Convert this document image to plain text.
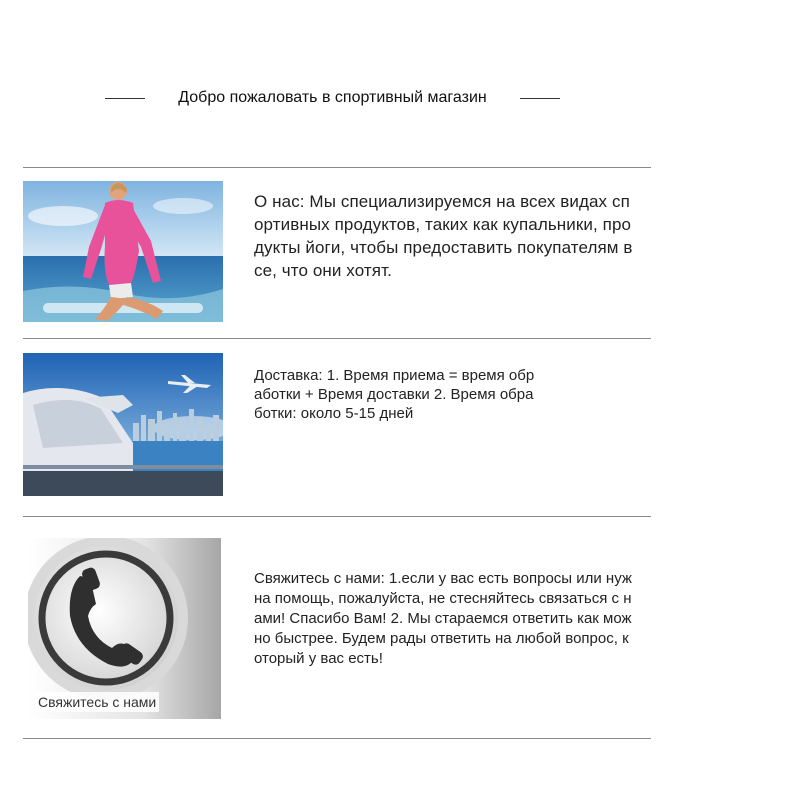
Добро пожаловать в спортивный магазин
О нас: Мы специализируемся на всех видах спортивных продуктов, таких как купальники, продукты йоги, чтобы предоставить покупателям все, что они хотят.
Доставка: 1. Время приема = время обработки + Время доставки 2. Время обработки: около 5-15 дней
Свяжитесь с нами
Свяжитесь с нами: 1.если у вас есть вопросы или нужна помощь, пожалуйста, не стесняйтесь связаться с нами! Спасибо Вам! 2. Мы стараемся ответить как можно быстрее. Будем рады ответить на любой вопрос, который у вас есть!
